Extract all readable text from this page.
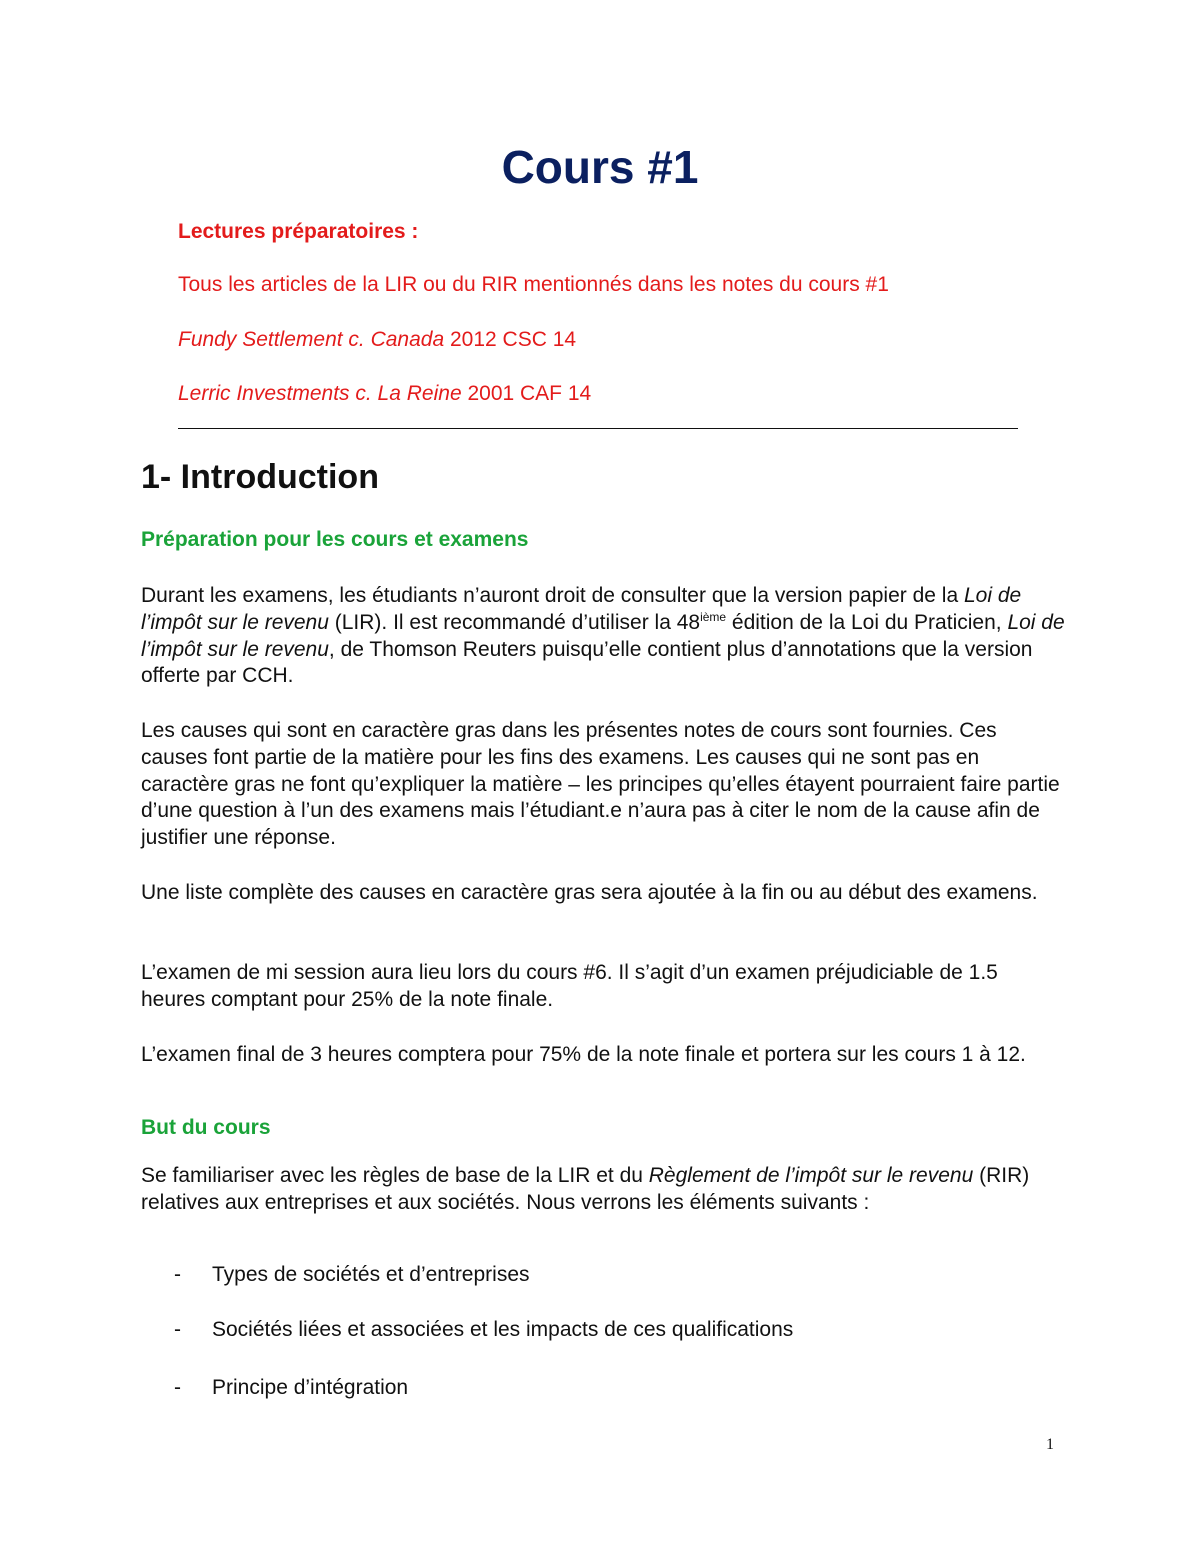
Cours #1

Lectures préparatoires :

Tous les articles de la LIR ou du RIR mentionnés dans les notes du cours #1

Fundy Settlement c. Canada 2012 CSC 14

Lerric Investments c. La Reine 2001 CAF 14

1- Introduction
Préparation pour les cours et examens

Durant les examens, les étudiants n’auront droit de consulter que la version papier de la Loi de l’impôt sur le revenu (LIR). Il est recommandé d’utiliser la 48ième édition de la Loi du Praticien, Loi de l’impôt sur le revenu, de Thomson Reuters puisqu’elle contient plus d’annotations que la version offerte par CCH.

Les causes qui sont en caractère gras dans les présentes notes de cours sont fournies. Ces causes font partie de la matière pour les fins des examens. Les causes qui ne sont pas en caractère gras ne font qu’expliquer la matière – les principes qu’elles étayent pourraient faire partie d’une question à l’un des examens mais l’étudiant.e n’aura pas à citer le nom de la cause afin de justifier une réponse.

Une liste complète des causes en caractère gras sera ajoutée à la fin ou au début des examens.

L’examen de mi session aura lieu lors du cours #6. Il s’agit d’un examen préjudiciable de 1.5 heures comptant pour 25% de la note finale.

L’examen final de 3 heures comptera pour 75% de la note finale et portera sur les cours 1 à 12.

But du cours

Se familiariser avec les règles de base de la LIR et du Règlement de l’impôt sur le revenu (RIR) relatives aux entreprises et aux sociétés. Nous verrons les éléments suivants :

- Types de sociétés et d’entreprises

- Sociétés liées et associées et les impacts de ces qualifications

- Principe d’intégration

1
